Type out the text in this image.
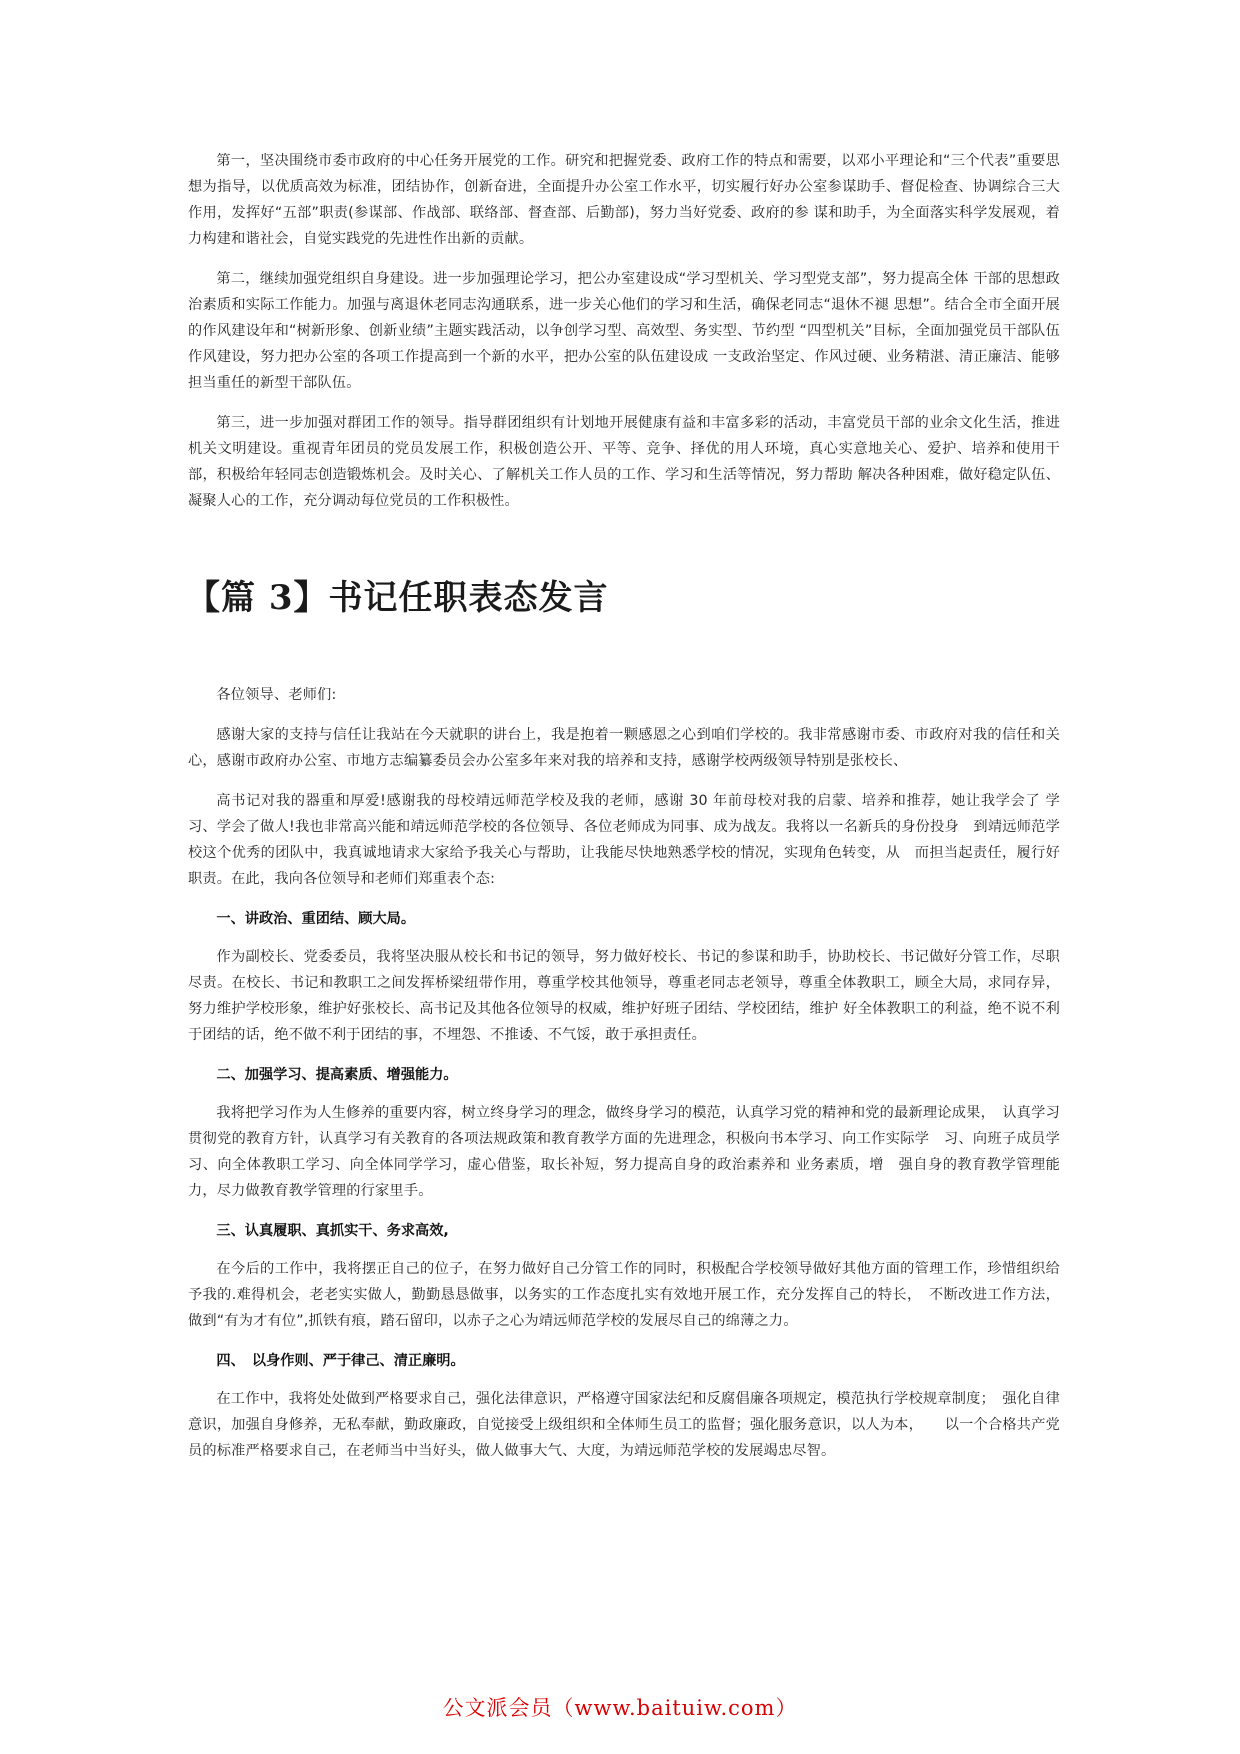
第一，坚决围绕市委市政府的中心任务开展党的工作。研究和把握党委、政府工作的特点和需要，以邓小平理论和“三个代表”重要思想为指导，以优质高效为标准，团结协作，创新奋进，全面提升办公室工作水平，切实履行好办公室参谋助手、督促检查、协调综合三大作用，发挥好“五部”职责(参谋部、作战部、联络部、督查部、后勤部)，努力当好党委、政府的参 谋和助手，为全面落实科学发展观，着力构建和谐社会，自觉实践党的先进性作出新的贡献。

第二，继续加强党组织自身建设。进一步加强理论学习，把公办室建设成“学习型机关、学习型党支部”，努力提高全体 干部的思想政治素质和实际工作能力。加强与离退休老同志沟通联系，进一步关心他们的学习和生活，确保老同志“退休不褪 思想”。结合全市全面开展的作风建设年和“树新形象、创新业绩”主题实践活动，以争创学习型、高效型、务实型、节约型 “四型机关”目标，全面加强党员干部队伍作风建设，努力把办公室的各项工作提高到一个新的水平，把办公室的队伍建设成 一支政治坚定、作风过硬、业务精湛、清正廉洁、能够担当重任的新型干部队伍。

第三，进一步加强对群团工作的领导。指导群团组织有计划地开展健康有益和丰富多彩的活动，丰富党员干部的业余文化生活，推进机关文明建设。重视青年团员的党员发展工作，积极创造公开、平等、竞争、择优的用人环境，真心实意地关心、爱护、培养和使用干部，积极给年轻同志创造锻炼机会。及时关心、了解机关工作人员的工作、学习和生活等情况，努力帮助 解决各种困难，做好稳定队伍、凝聚人心的工作，充分调动每位党员的工作积极性。

【篇 3】书记任职表态发言

各位领导、老师们:

感谢大家的支持与信任让我站在今天就职的讲台上，我是抱着一颗感恩之心到咱们学校的。我非常感谢市委、市政府对我的信任和关心，感谢市政府办公室、市地方志编纂委员会办公室多年来对我的培养和支持，感谢学校两级领导特别是张校长、

高书记对我的器重和厚爱!感谢我的母校靖远师范学校及我的老师，感谢 30 年前母校对我的启蒙、培养和推荐，她让我学会了 学习、学会了做人!我也非常高兴能和靖远师范学校的各位领导、各位老师成为同事、成为战友。我将以一名新兵的身份投身　到靖远师范学校这个优秀的团队中，我真诚地请求大家给予我关心与帮助，让我能尽快地熟悉学校的情况，实现角色转变，从　而担当起责任，履行好职责。在此，我向各位领导和老师们郑重表个态:

一、讲政治、重团结、顾大局。

作为副校长、党委委员，我将坚决服从校长和书记的领导，努力做好校长、书记的参谋和助手，协助校长、书记做好分管工作，尽职尽责。在校长、书记和教职工之间发挥桥梁纽带作用，尊重学校其他领导，尊重老同志老领导，尊重全体教职工，顾全大局，求同存异，努力维护学校形象，维护好张校长、高书记及其他各位领导的权威，维护好班子团结、学校团结，维护 好全体教职工的利益，绝不说不利于团结的话，绝不做不利于团结的事，不埋怨、不推诿、不气馁，敢于承担责任。

二、加强学习、提高素质、增强能力。

我将把学习作为人生修养的重要内容，树立终身学习的理念，做终身学习的模范，认真学习党的精神和党的最新理论成果，　认真学习贯彻党的教育方针，认真学习有关教育的各项法规政策和教育教学方面的先进理念，积极向书本学习、向工作实际学　习、向班子成员学习、向全体教职工学习、向全体同学学习，虚心借鉴，取长补短，努力提高自身的政治素养和 业务素质，增　强自身的教育教学管理能力，尽力做教育教学管理的行家里手。

三、认真履职、真抓实干、务求高效,

在今后的工作中，我将摆正自己的位子，在努力做好自己分管工作的同时，积极配合学校领导做好其他方面的管理工作，珍惜组织给予我的.难得机会，老老实实做人，勤勤恳恳做事，以务实的工作态度扎实有效地开展工作，充分发挥自己的特长，　不断改进工作方法，做到“有为才有位”,抓铁有痕，踏石留印，以赤子之心为靖远师范学校的发展尽自己的绵薄之力。

四、　以身作则、严于律己、清正廉明。

在工作中，我将处处做到严格要求自己，强化法律意识，严格遵守国家法纪和反腐倡廉各项规定，模范执行学校规章制度；　强化自律意识，加强自身修养，无私奉献，勤政廉政，自觉接受上级组织和全体师生员工的监督；强化服务意识，以人为本，　　以一个合格共产党员的标准严格要求自己，在老师当中当好头，做人做事大气、大度，为靖远师范学校的发展竭忠尽智。

公文派会员（www.baituiw.com）
